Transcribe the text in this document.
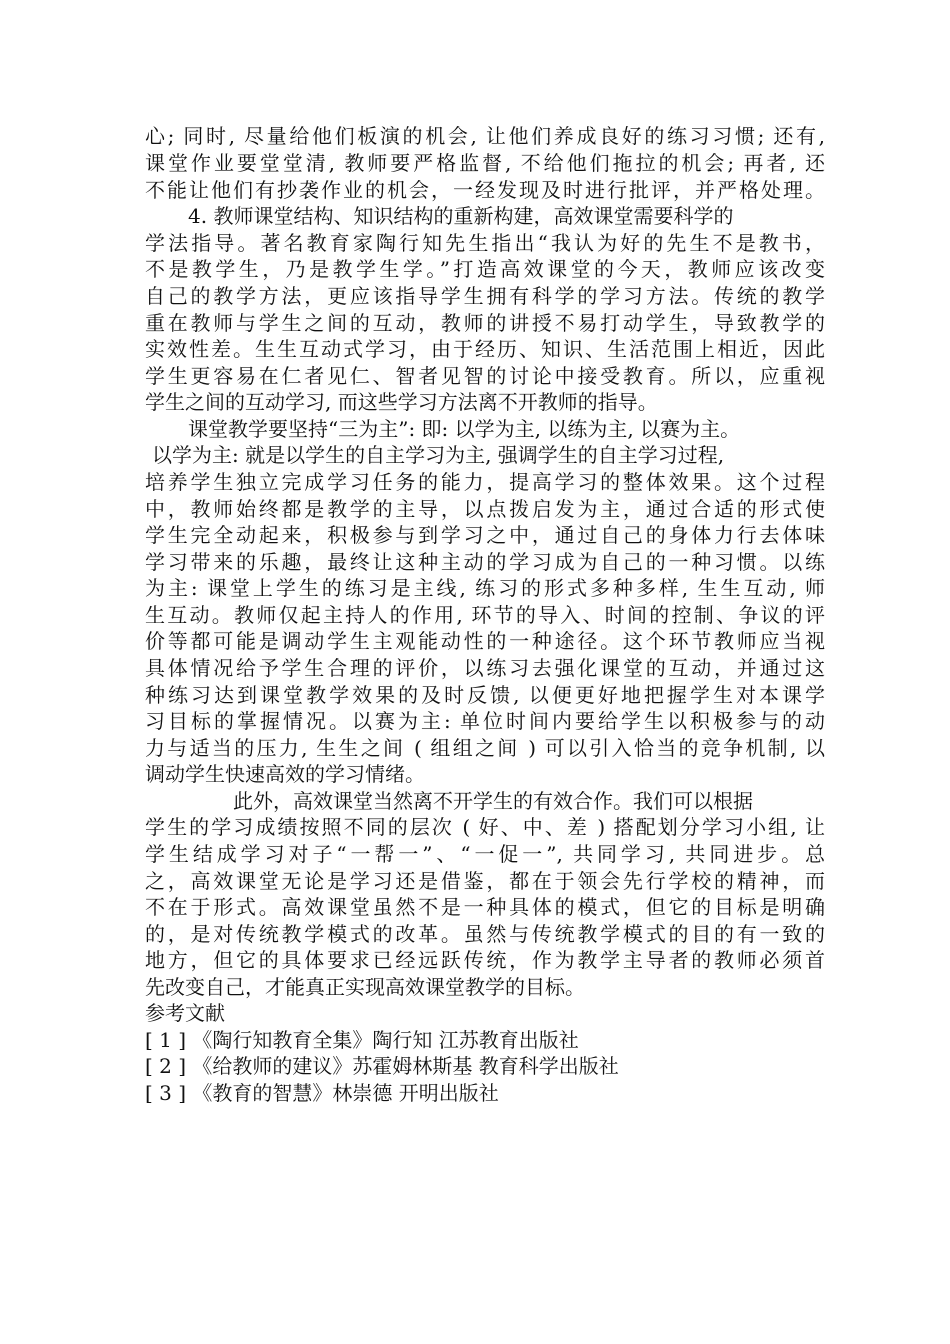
心; 同时, 尽量给他们板演的机会, 让他们养成良好的练习习惯; 还有,
课堂作业要堂堂清, 教师要严格监督, 不给他们拖拉的机会; 再者, 还
不能让他们有抄袭作业的机会，一经发现及时进行批评，并严格处理。
4. 教师课堂结构、知识结构的重新构建，高效课堂需要科学的
学法指导。著名教育家陶行知先生指出“我认为好的先生不是教书，
不是教学生，乃是教学生学。”打造高效课堂的今天，教师应该改变
自己的教学方法，更应该指导学生拥有科学的学习方法。传统的教学
重在教师与学生之间的互动，教师的讲授不易打动学生，导致教学的
实效性差。生生互动式学习，由于经历、知识、生活范围上相近，因此
学生更容易在仁者见仁、智者见智的讨论中接受教育。所以，应重视
学生之间的互动学习, 而这些学习方法离不开教师的指导。
课堂教学要坚持“三为主”: 即: 以学为主, 以练为主, 以赛为主。
以学为主: 就是以学生的自主学习为主, 强调学生的自主学习过程,
培养学生独立完成学习任务的能力，提高学习的整体效果。这个过程
中，教师始终都是教学的主导，以点拨启发为主，通过合适的形式使
学生完全动起来，积极参与到学习之中，通过自己的身体力行去体味
学习带来的乐趣，最终让这种主动的学习成为自己的一种习惯。以练
为主: 课堂上学生的练习是主线, 练习的形式多种多样, 生生互动, 师
生互动。教师仅起主持人的作用, 环节的导入、时间的控制、争议的评
价等都可能是调动学生主观能动性的一种途径。这个环节教师应当视
具体情况给予学生合理的评价，以练习去强化课堂的互动，并通过这
种练习达到课堂教学效果的及时反馈, 以便更好地把握学生对本课学
习目标的掌握情况。以赛为主: 单位时间内要给学生以积极参与的动
力与适当的压力, 生生之间 ( 组组之间 ) 可以引入恰当的竞争机制, 以
调动学生快速高效的学习情绪。
此外，高效课堂当然离不开学生的有效合作。我们可以根据
学生的学习成绩按照不同的层次 ( 好、中、差 ) 搭配划分学习小组, 让
学生结成学习对子“一帮一”、“一促一”, 共同学习, 共同进步。总
之，高效课堂无论是学习还是借鉴，都在于领会先行学校的精神，而
不在于形式。高效课堂虽然不是一种具体的模式，但它的目标是明确
的，是对传统教学模式的改革。虽然与传统教学模式的目的有一致的
地方，但它的具体要求已经远跃传统，作为教学主导者的教师必须首
先改变自己，才能真正实现高效课堂教学的目标。
参考文献
[ 1 ] 《陶行知教育全集》陶行知 江苏教育出版社
[ 2 ] 《给教师的建议》苏霍姆林斯基 教育科学出版社
[ 3 ] 《教育的智慧》林崇德 开明出版社
